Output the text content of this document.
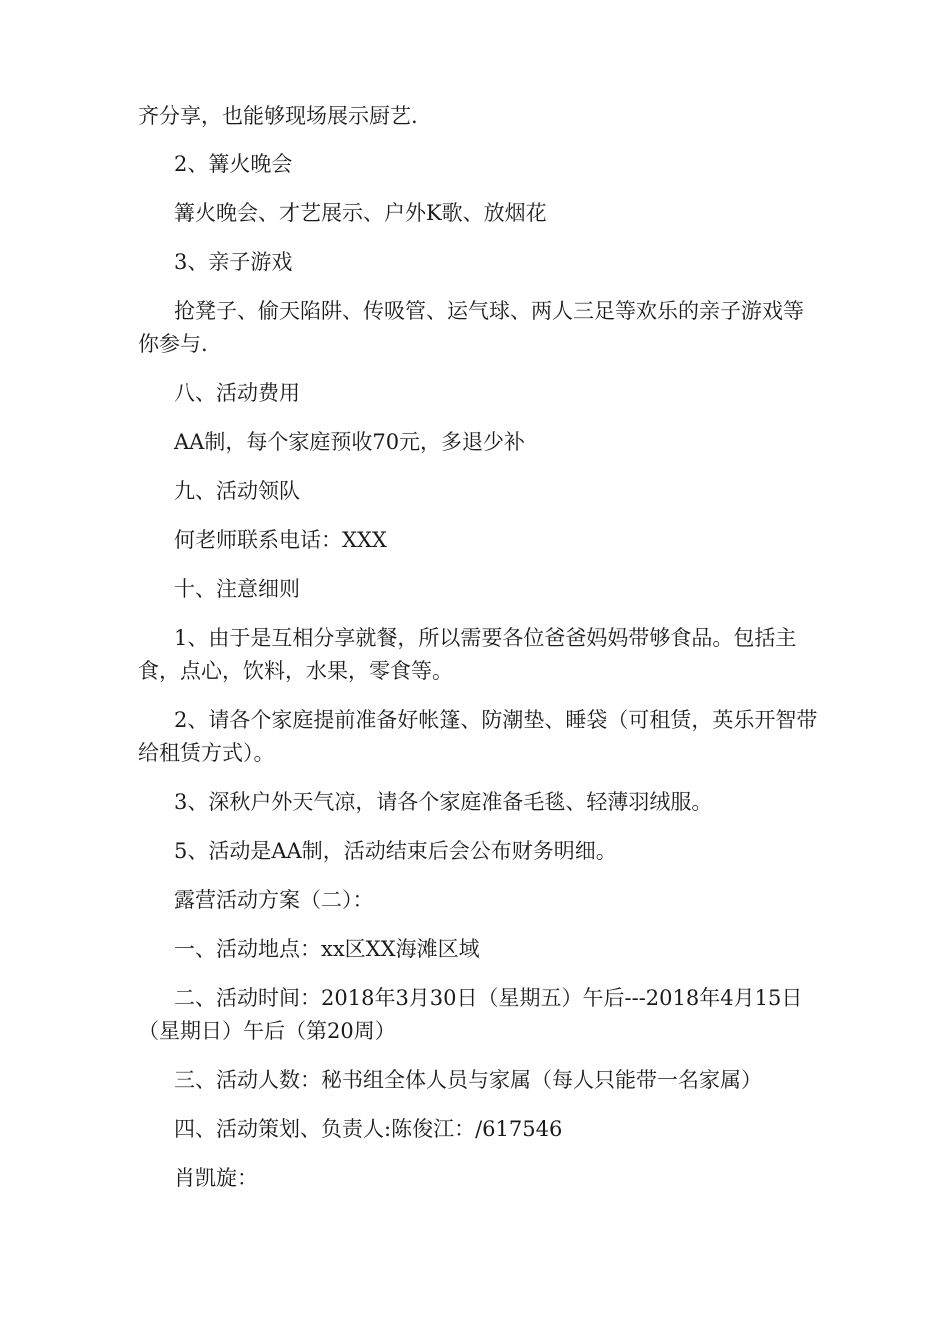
齐分享，也能够现场展示厨艺.

2、篝火晚会

篝火晚会、才艺展示、户外K歌、放烟花

3、亲子游戏

抢凳子、偷天陷阱、传吸管、运气球、两人三足等欢乐的亲子游戏等你参与.

八、活动费用

AA制，每个家庭预收70元，多退少补

九、活动领队

何老师联系电话：XXX

十、注意细则

1、由于是互相分享就餐，所以需要各位爸爸妈妈带够食品。包括主食，点心，饮料，水果，零食等。

2、请各个家庭提前准备好帐篷、防潮垫、睡袋（可租赁，英乐开智带给租赁方式）。

3、深秋户外天气凉，请各个家庭准备毛毯、轻薄羽绒服。

5、活动是AA制，活动结束后会公布财务明细。

露营活动方案（二）：

一、活动地点：xx区XX海滩区域

二、活动时间：2018年3月30日（星期五）午后---2018年4月15日（星期日）午后（第20周）

三、活动人数：秘书组全体人员与家属（每人只能带一名家属）

四、活动策划、负责人:陈俊江：/617546

肖凯旋：
